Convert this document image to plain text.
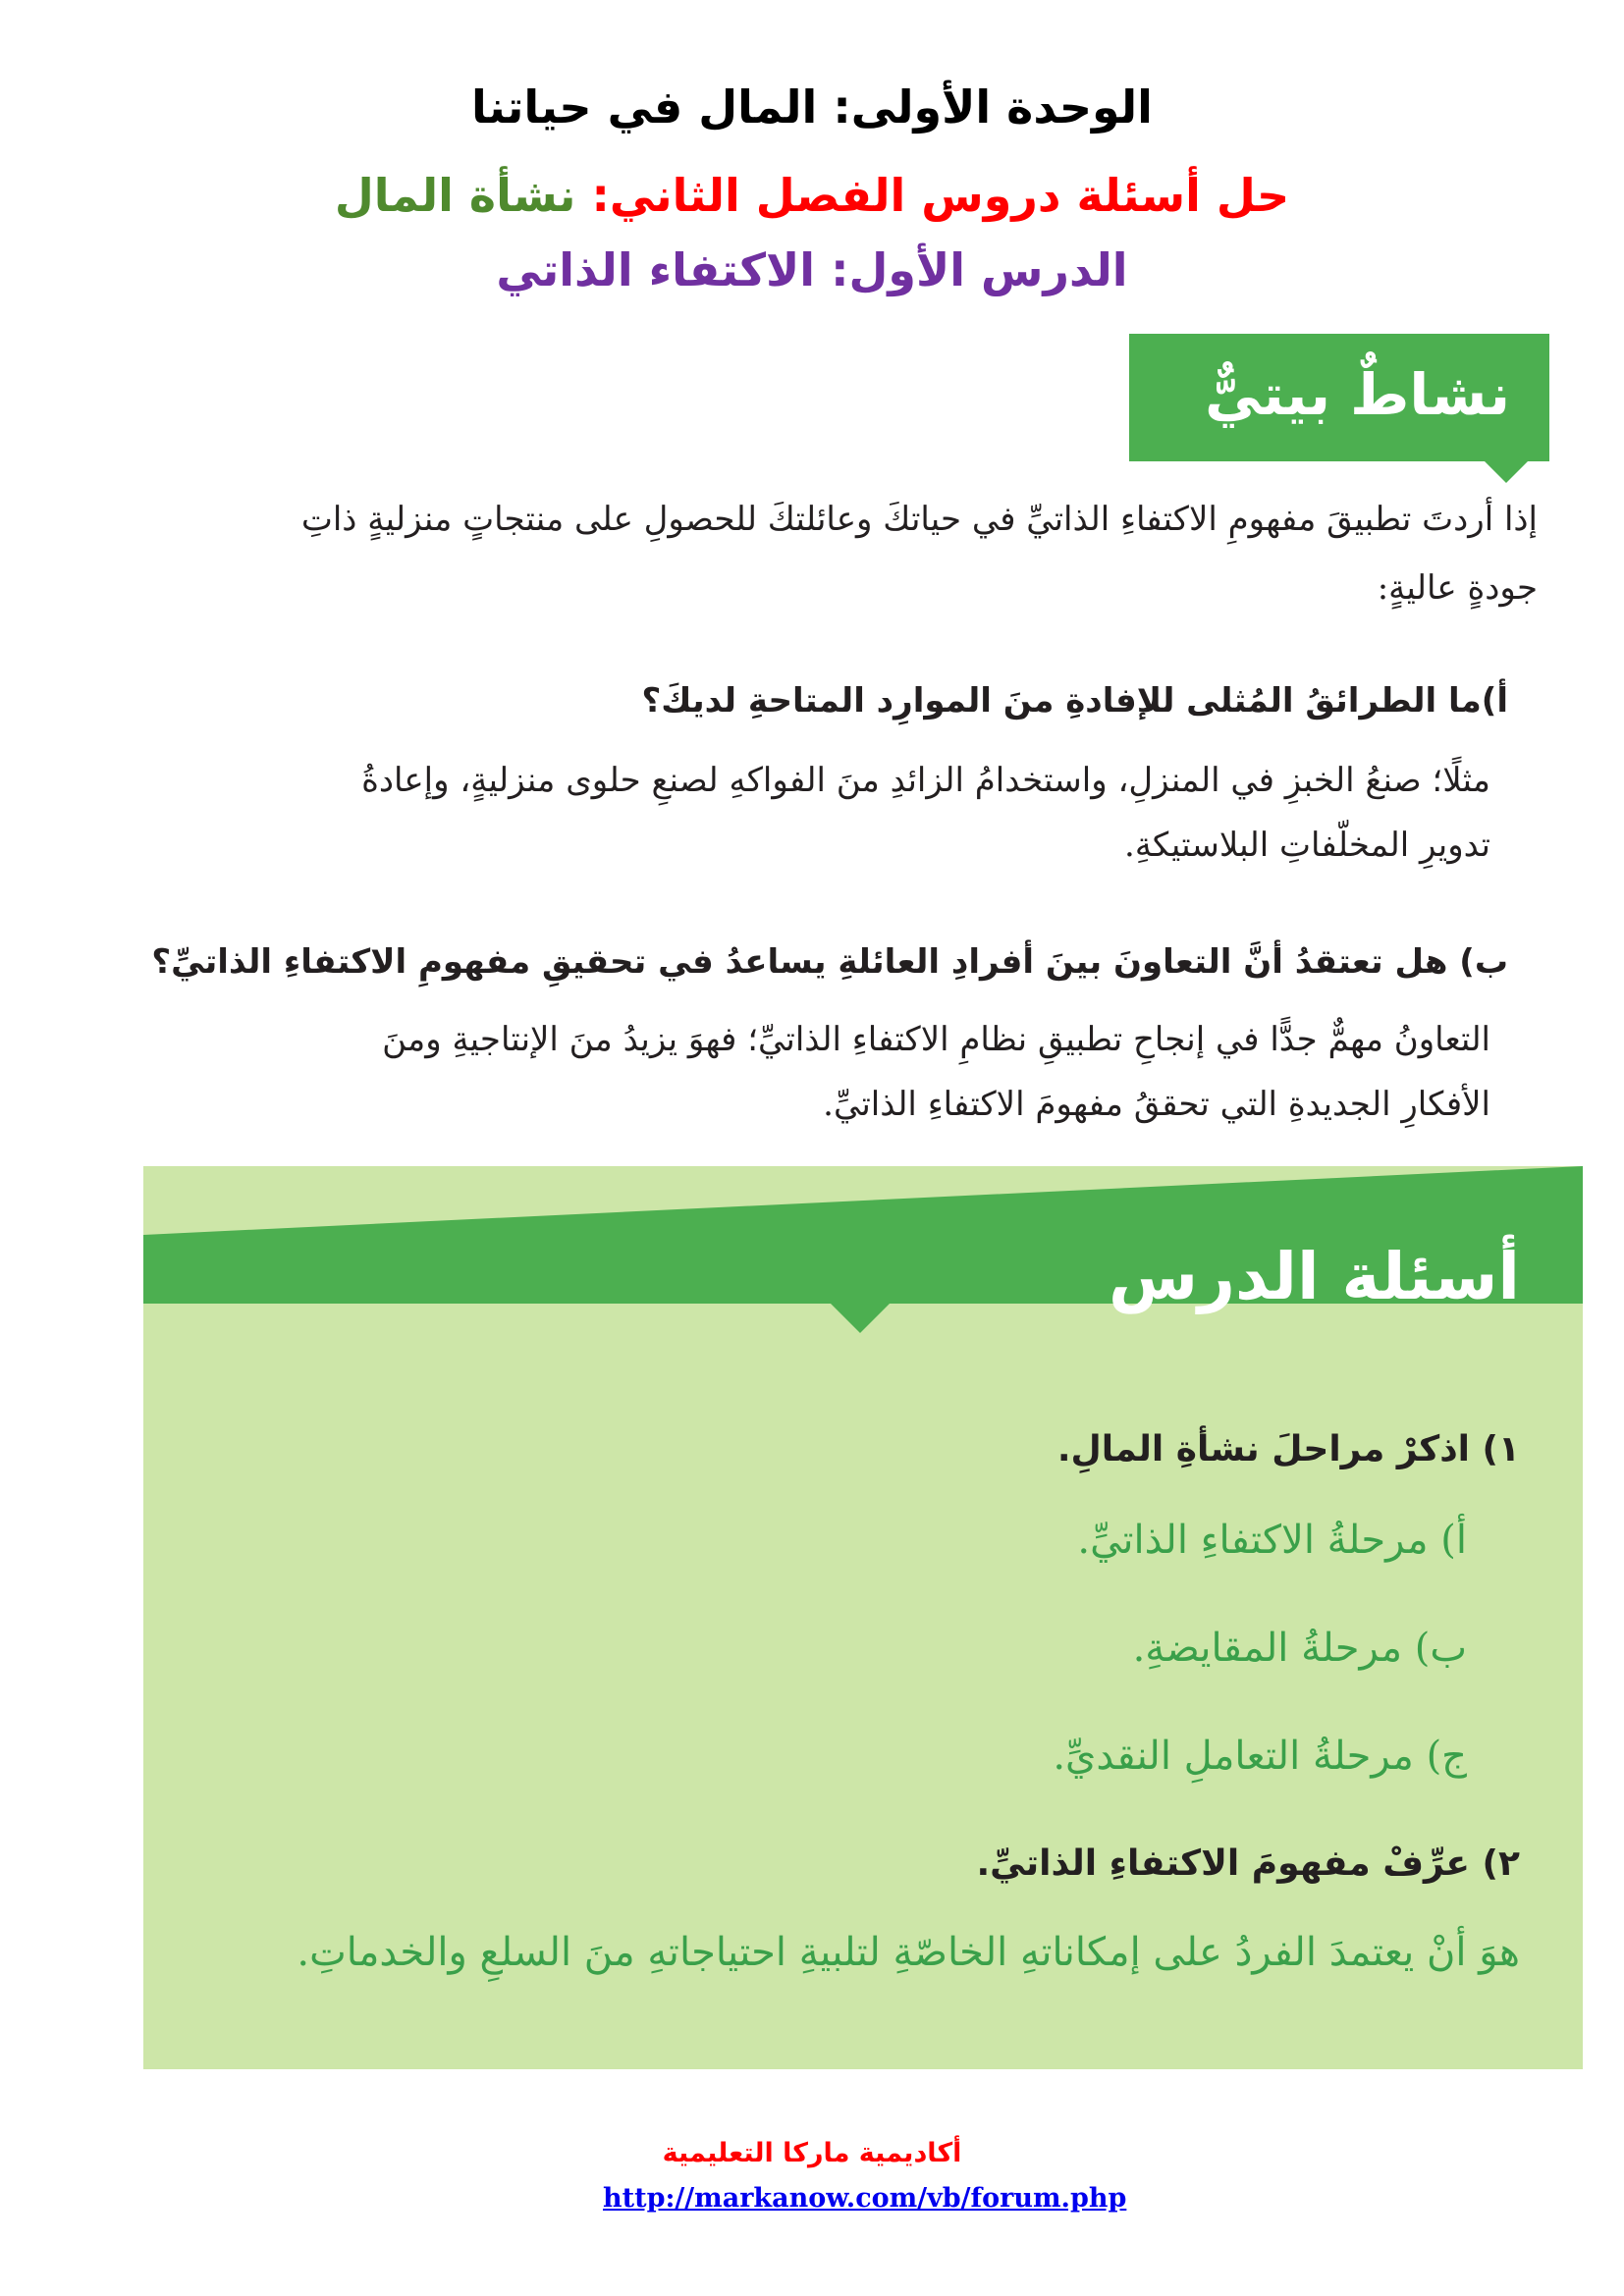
الوحدة الأولى: المال في حياتنا
حل أسئلة دروس الفصل الثاني: نشأة المال
الدرس الأول: الاكتفاء الذاتي
نشاطٌ بيتيٌّ
إذا أردتَ تطبيقَ مفهومِ الاكتفاءِ الذاتيِّ في حياتكَ وعائلتكَ للحصولِ على منتجاتٍ منزليةٍ ذاتِ
جودةٍ عاليةٍ:
أ)ما الطرائقُ المُثلى للإفادةِ منَ الموارِد المتاحةِ لديكَ؟
مثلًا؛ صنعُ الخبزِ في المنزلِ، واستخدامُ الزائدِ منَ الفواكهِ لصنعِ حلوى منزليةٍ، وإعادةُ
تدويرِ المخلّفاتِ البلاستيكةِ.
ب) هل تعتقدُ أنَّ التعاونَ بينَ أفرادِ العائلةِ يساعدُ في تحقيقِ مفهومِ الاكتفاءِ الذاتيِّ؟
التعاونُ مهمٌّ جدًّا في إنجاحِ تطبيقِ نظامِ الاكتفاءِ الذاتيِّ؛ فهوَ يزيدُ منَ الإنتاجيةِ ومنَ
الأفكارِ الجديدةِ التي تحققُ مفهومَ الاكتفاءِ الذاتيِّ.
أسئلة الدرس
١) اذكرْ مراحلَ نشأةِ المالِ.
أ) مرحلةُ الاكتفاءِ الذاتيِّ.
ب) مرحلةُ المقايضةِ.
ج) مرحلةُ التعاملِ النقديِّ.
٢) عرِّفْ مفهومَ الاكتفاءِ الذاتيِّ.
هوَ أنْ يعتمدَ الفردُ على إمكاناتهِ الخاصّةِ لتلبيةِ احتياجاتهِ منَ السلعِ والخدماتِ.
أكاديمية ماركا التعليمية
http://markanow.com/vb/forum.php
